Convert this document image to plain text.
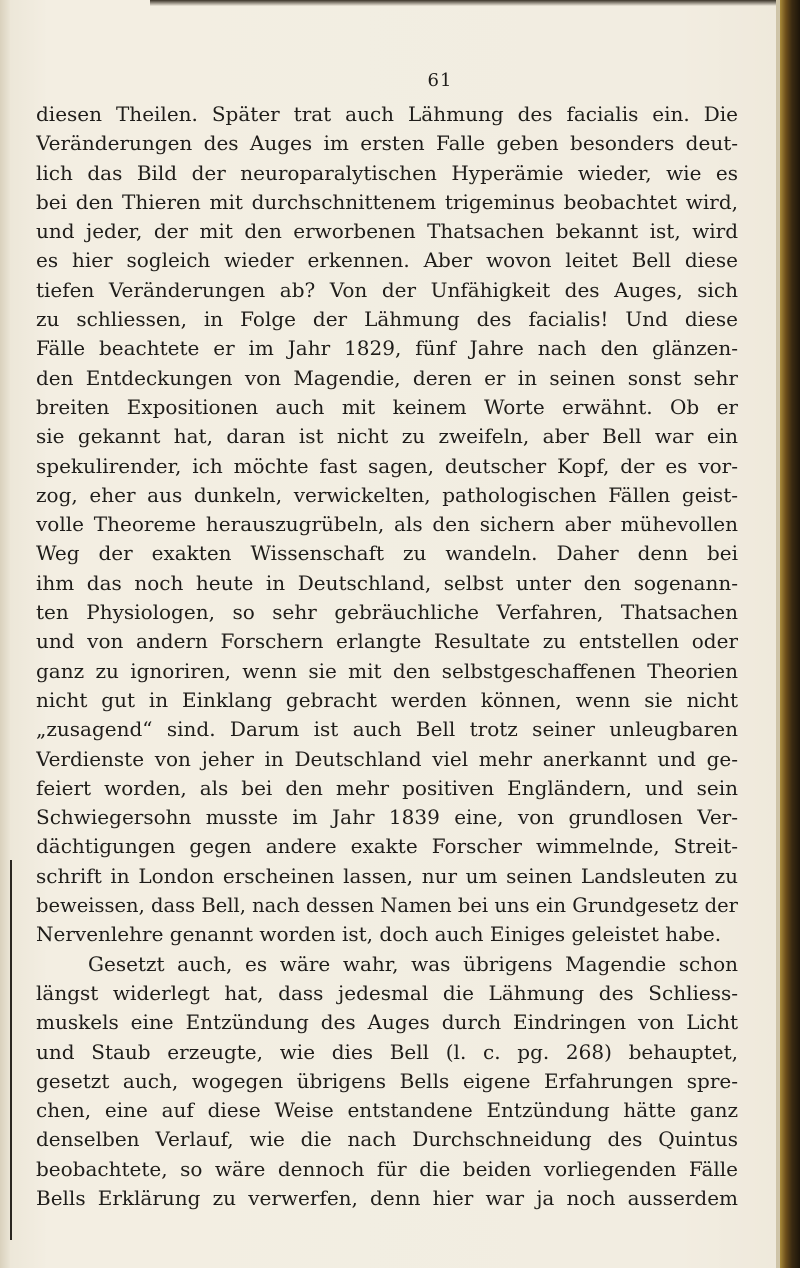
61
diesen Theilen. Später trat auch Lähmung des facialis ein. Die
Veränderungen des Auges im ersten Falle geben besonders deut-
lich das Bild der neuroparalytischen Hyperämie wieder, wie es
bei den Thieren mit durchschnittenem trigeminus beobachtet wird,
und jeder, der mit den erworbenen Thatsachen bekannt ist, wird
es hier sogleich wieder erkennen. Aber wovon leitet Bell diese
tiefen Veränderungen ab? Von der Unfähigkeit des Auges, sich
zu schliessen, in Folge der Lähmung des facialis! Und diese
Fälle beachtete er im Jahr 1829, fünf Jahre nach den glänzen-
den Entdeckungen von Magendie, deren er in seinen sonst sehr
breiten Expositionen auch mit keinem Worte erwähnt. Ob er
sie gekannt hat, daran ist nicht zu zweifeln, aber Bell war ein
spekulirender, ich möchte fast sagen, deutscher Kopf, der es vor-
zog, eher aus dunkeln, verwickelten, pathologischen Fällen geist-
volle Theoreme herauszugrübeln, als den sichern aber mühevollen
Weg der exakten Wissenschaft zu wandeln. Daher denn bei
ihm das noch heute in Deutschland, selbst unter den sogenann-
ten Physiologen, so sehr gebräuchliche Verfahren, Thatsachen
und von andern Forschern erlangte Resultate zu entstellen oder
ganz zu ignoriren, wenn sie mit den selbstgeschaffenen Theorien
nicht gut in Einklang gebracht werden können, wenn sie nicht
„zusagend“ sind. Darum ist auch Bell trotz seiner unleugbaren
Verdienste von jeher in Deutschland viel mehr anerkannt und ge-
feiert worden, als bei den mehr positiven Engländern, und sein
Schwiegersohn musste im Jahr 1839 eine, von grundlosen Ver-
dächtigungen gegen andere exakte Forscher wimmelnde, Streit-
schrift in London erscheinen lassen, nur um seinen Landsleuten zu
beweissen, dass Bell, nach dessen Namen bei uns ein Grundgesetz der
Nervenlehre genannt worden ist, doch auch Einiges geleistet habe.
Gesetzt auch, es wäre wahr, was übrigens Magendie schon
längst widerlegt hat, dass jedesmal die Lähmung des Schliess-
muskels eine Entzündung des Auges durch Eindringen von Licht
und Staub erzeugte, wie dies Bell (l. c. pg. 268) behauptet,
gesetzt auch, wogegen übrigens Bells eigene Erfahrungen spre-
chen, eine auf diese Weise entstandene Entzündung hätte ganz
denselben Verlauf, wie die nach Durchschneidung des Quintus
beobachtete, so wäre dennoch für die beiden vorliegenden Fälle
Bells Erklärung zu verwerfen, denn hier war ja noch ausserdem
